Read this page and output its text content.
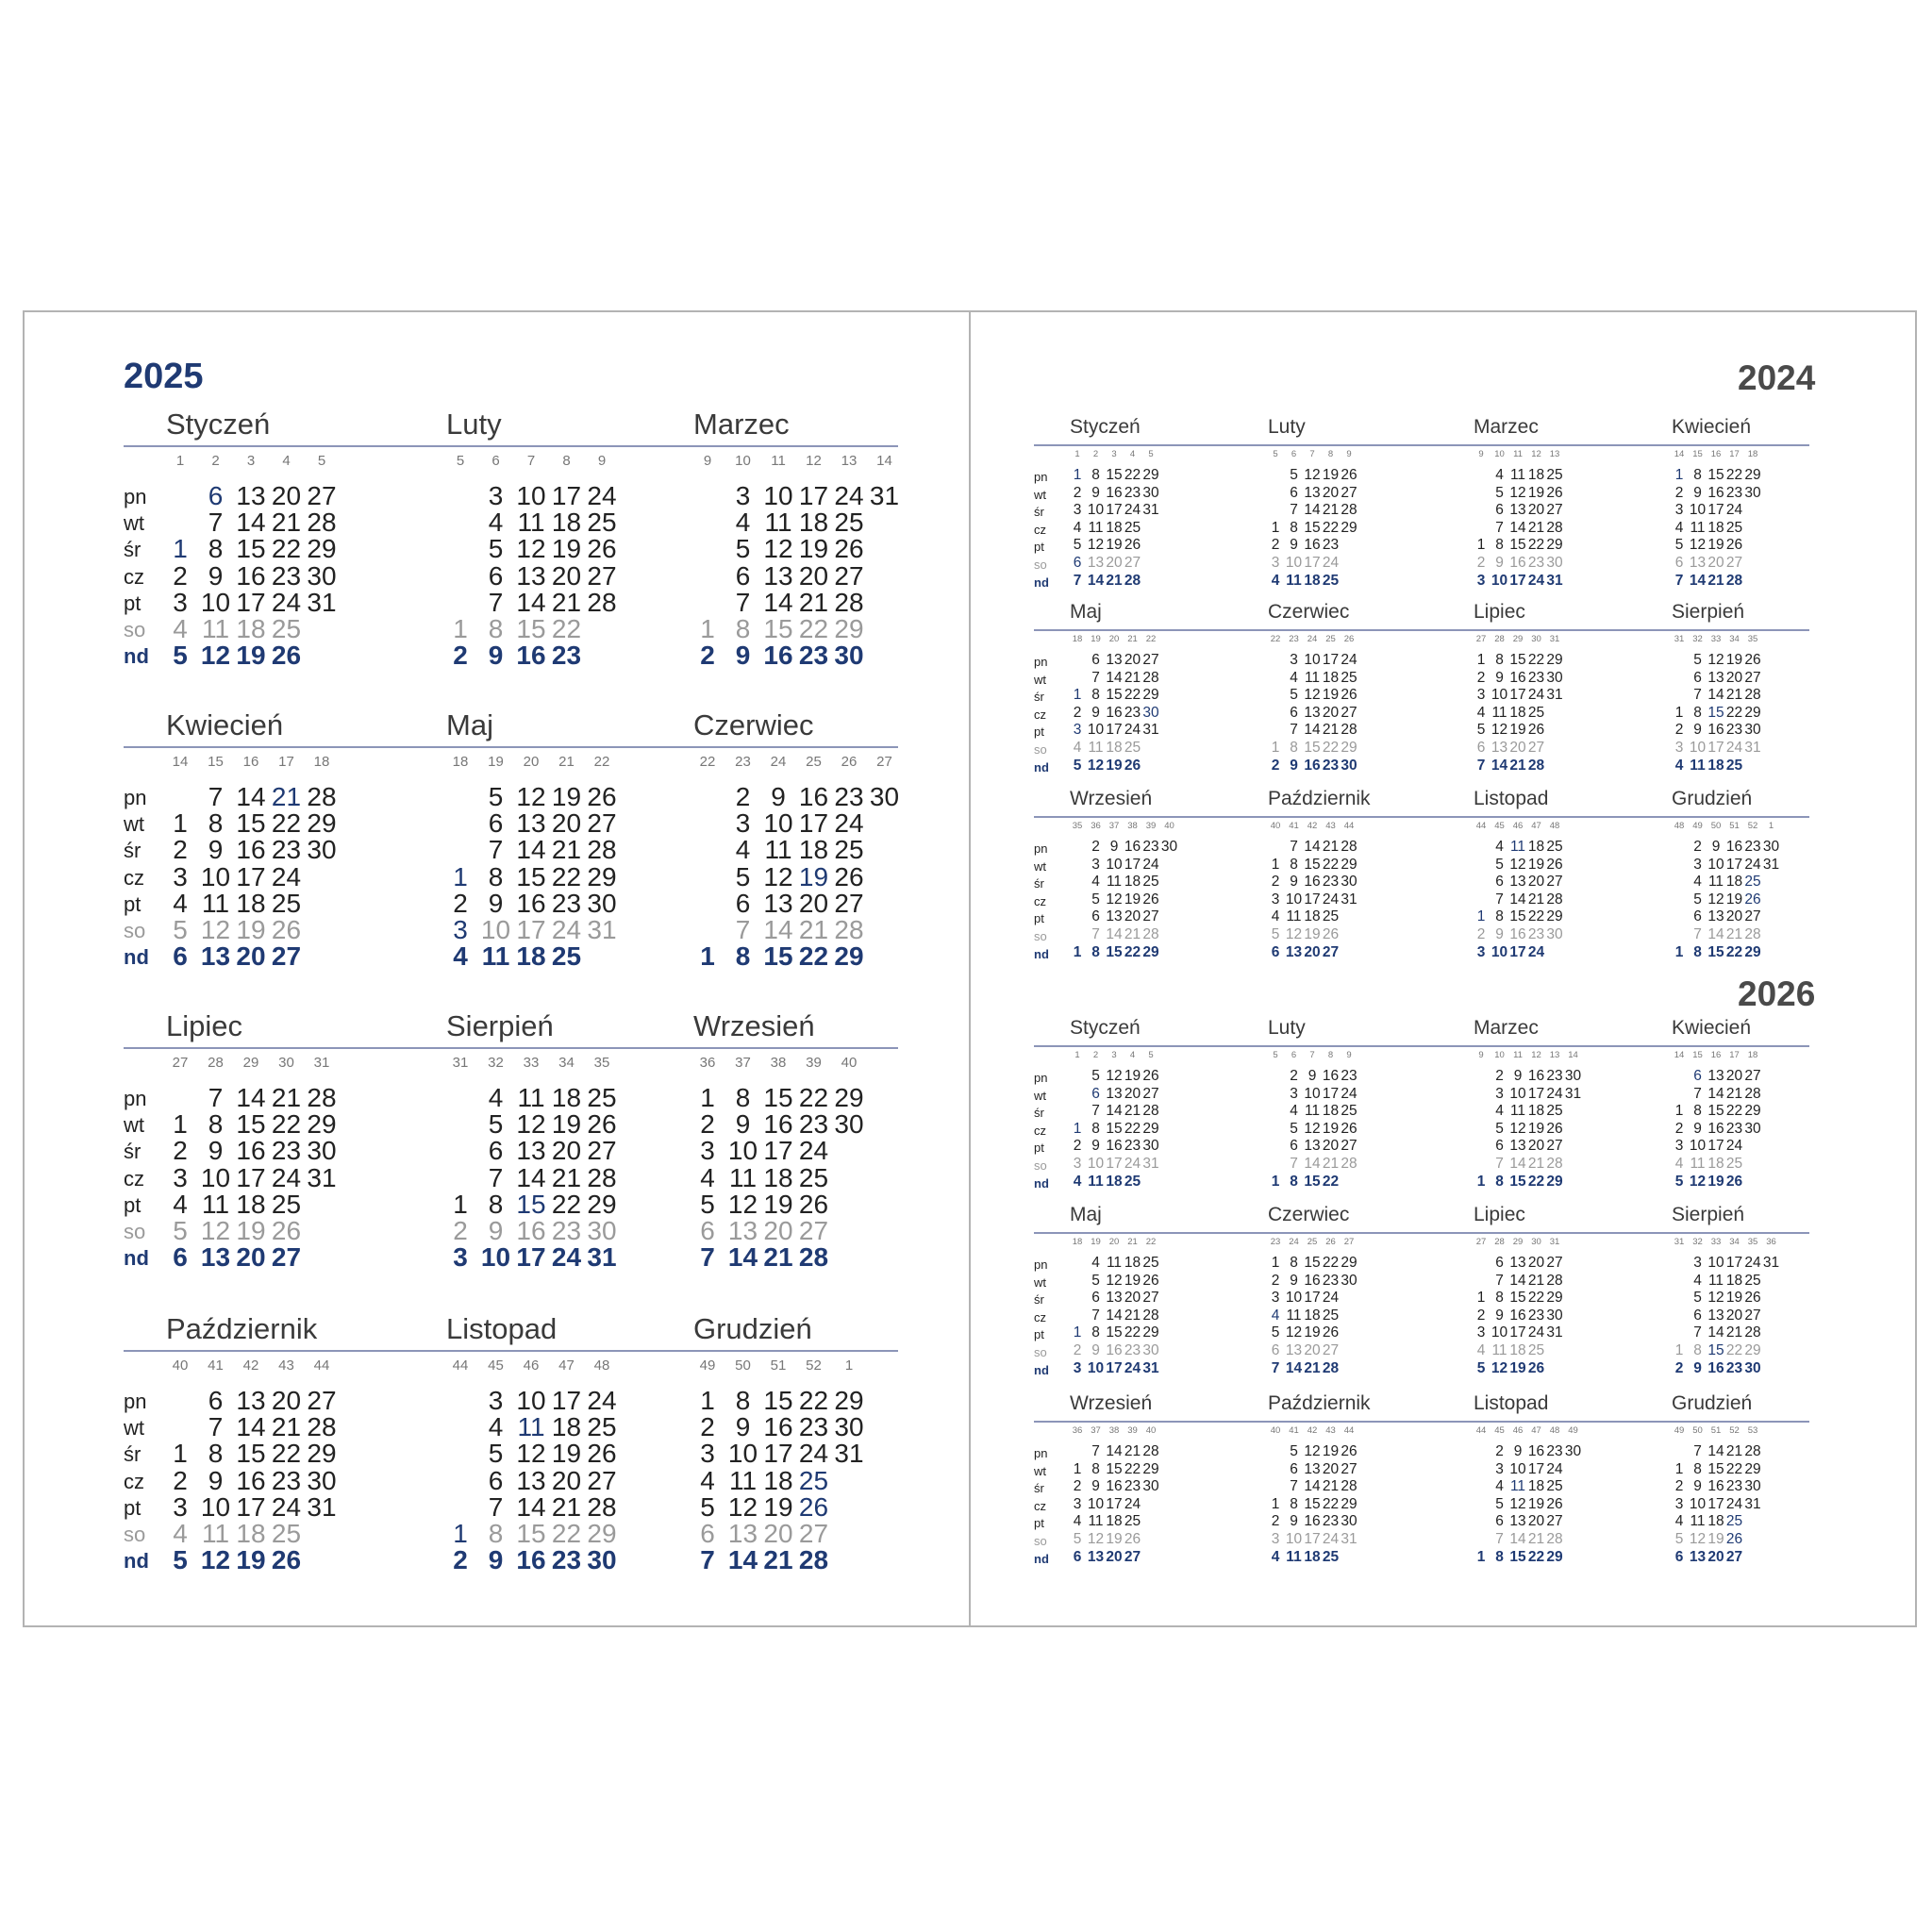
2025	2024
2026
Styczeń
1 2 3 4 5
pn
wt
śr
cz
pt
so
nd
1
2
3
4
5
6
7
8
9
10
11
12
13
14
15
16
17
18
19
20
21
22
23
24
25
26
27
28
29
30
31
Luty
5 6 7 8 9
1
2
3
4
5
6
7
8
9
10
11
12
13
14
15
16
17
18
19
20
21
22
23
24
25
26
27
28
Marzec
9 10 11 12 13 14
1
2
3
4
5
6
7
8
9
10
11
12
13
14
15
16
17
18
19
20
21
22
23
24
25
26
27
28
29
30
31
Kwiecień
14 15 16 17 18
pn
wt
śr
cz
pt
so
nd
1
2
3
4
5
6
7
8
9
10
11
12
13
14
15
16
17
18
19
20
21
22
23
24
25
26
27
28
29
30
Maj
18 19 20 21 22
1
2
3
4
5
6
7
8
9
10
11
12
13
14
15
16
17
18
19
20
21
22
23
24
25
26
27
28
29
30
31
Czerwiec
22 23 24 25 26 27
1
2
3
4
5
6
7
8
9
10
11
12
13
14
15
16
17
18
19
20
21
22
23
24
25
26
27
28
29
30
Lipiec
27 28 29 30 31
pn
wt
śr
cz
pt
so
nd
1
2
3
4
5
6
7
8
9
10
11
12
13
14
15
16
17
18
19
20
21
22
23
24
25
26
27
28
29
30
31
Sierpień
31 32 33 34 35
1
2
3
4
5
6
7
8
9
10
11
12
13
14
15
16
17
18
19
20
21
22
23
24
25
26
27
28
29
30
31
Wrzesień
36 37 38 39 40
1
2
3
4
5
6
7
8
9
10
11
12
13
14
15
16
17
18
19
20
21
22
23
24
25
26
27
28
29
30
Październik
40 41 42 43 44
pn
wt
śr
cz
pt
so
nd
1
2
3
4
5
6
7
8
9
10
11
12
13
14
15
16
17
18
19
20
21
22
23
24
25
26
27
28
29
30
31
Listopad
44 45 46 47 48
1
2
3
4
5
6
7
8
9
10
11
12
13
14
15
16
17
18
19
20
21
22
23
24
25
26
27
28
29
30
Grudzień
49 50 51 52 1
1
2
3
4
5
6
7
8
9
10
11
12
13
14
15
16
17
18
19
20
21
22
23
24
25
26
27
28
29
30
31
Styczeń
1 2 3 4 5
pn
wt
śr
cz
pt
so
nd
1
2
3
4
5
6
7
8
9
10
11
12
13
14
15
16
17
18
19
20
21
22
23
24
25
26
27
28
29
30
31
Luty
5 6 7 8 9
1
2
3
4
5
6
7
8
9
10
11
12
13
14
15
16
17
18
19
20
21
22
23
24
25
26
27
28
29
Marzec
9 10 11 12 13
1
2
3
4
5
6
7
8
9
10
11
12
13
14
15
16
17
18
19
20
21
22
23
24
25
26
27
28
29
30
31
Kwiecień
14 15 16 17 18
1
2
3
4
5
6
7
8
9
10
11
12
13
14
15
16
17
18
19
20
21
22
23
24
25
26
27
28
29
30
Maj
18 19 20 21 22
pn
wt
śr
cz
pt
so
nd
1
2
3
4
5
6
7
8
9
10
11
12
13
14
15
16
17
18
19
20
21
22
23
24
25
26
27
28
29
30
31
Czerwiec
22 23 24 25 26
1
2
3
4
5
6
7
8
9
10
11
12
13
14
15
16
17
18
19
20
21
22
23
24
25
26
27
28
29
30
Lipiec
27 28 29 30 31
1
2
3
4
5
6
7
8
9
10
11
12
13
14
15
16
17
18
19
20
21
22
23
24
25
26
27
28
29
30
31
Sierpień
31 32 33 34 35
1
2
3
4
5
6
7
8
9
10
11
12
13
14
15
16
17
18
19
20
21
22
23
24
25
26
27
28
29
30
31
Wrzesień
35 36 37 38 39 40
pn
wt
śr
cz
pt
so
nd 1
2
3
4
5
6
7
8
9
10
11
12
13
14
15
16
17
18
19
20
21
22
23
24
25
26
27
28
29
30
Październik
40 41 42 43 44
1
2
3
4
5
6
7
8
9
10
11
12
13
14
15
16
17
18
19
20
21
22
23
24
25
26
27
28
29
30
31
Listopad
44 45 46 47 48
1
2
3
4
5
6
7
8
9
10
11
12
13
14
15
16
17
18
19
20
21
22
23
24
25
26
27
28
29
30
Grudzień
48 49 50 51 52 1
1
2
3
4
5
6
7
8
9
10
11
12
13
14
15
16
17
18
19
20
21
22
23
24
25
26
27
28
29
30
31
Styczeń
1 2 3 4 5
pn
wt
śr
cz
pt
so
nd
1
2
3
4
5
6
7
8
9
10
11
12
13
14
15
16
17
18
19
20
21
22
23
24
25
26
27
28
29
30
31
Luty
5 6 7 8 9
1
2
3
4
5
6
7
8
9
10
11
12
13
14
15
16
17
18
19
20
21
22
23
24
25
26
27
28
Marzec
9 10 11 12 13 14
1
2
3
4
5
6
7
8
9
10
11
12
13
14
15
16
17
18
19
20
21
22
23
24
25
26
27
28
29
30
31
Kwiecień
14 15 16 17 18
1
2
3
4
5
6
7
8
9
10
11
12
13
14
15
16
17
18
19
20
21
22
23
24
25
26
27
28
29
30
Maj
18 19 20 21 22
pn
wt
śr
cz
pt
so
nd
1
2
3
4
5
6
7
8
9
10
11
12
13
14
15
16
17
18
19
20
21
22
23
24
25
26
27
28
29
30
31
Czerwiec
23 24 25 26 27
1
2
3
4
5
6
7
8
9
10
11
12
13
14
15
16
17
18
19
20
21
22
23
24
25
26
27
28
29
30
Lipiec
27 28 29 30 31
1
2
3
4
5
6
7
8
9
10
11
12
13
14
15
16
17
18
19
20
21
22
23
24
25
26
27
28
29
30
31
Sierpień
31 32 33 34 35 36
1
2
3
4
5
6
7
8
9
10
11
12
13
14
15
16
17
18
19
20
21
22
23
24
25
26
27
28
29
30
31
Wrzesień
36 37 38 39 40
pn
wt
śr
cz
pt
so
nd
1
2
3
4
5
6
7
8
9
10
11
12
13
14
15
16
17
18
19
20
21
22
23
24
25
26
27
28
29
30
Październik
40 41 42 43 44
1
2
3
4
5
6
7
8
9
10
11
12
13
14
15
16
17
18
19
20
21
22
23
24
25
26
27
28
29
30
31
Listopad
44 45 46 47 48 49
1
2
3
4
5
6
7
8
9
10
11
12
13
14
15
16
17
18
19
20
21
22
23
24
25
26
27
28
29
30
Grudzień
49 50 51 52 53
1
2
3
4
5
6
7
8
9
10
11
12
13
14
15
16
17
18
19
20
21
22
23
24
25
26
27
28
29
30
31
